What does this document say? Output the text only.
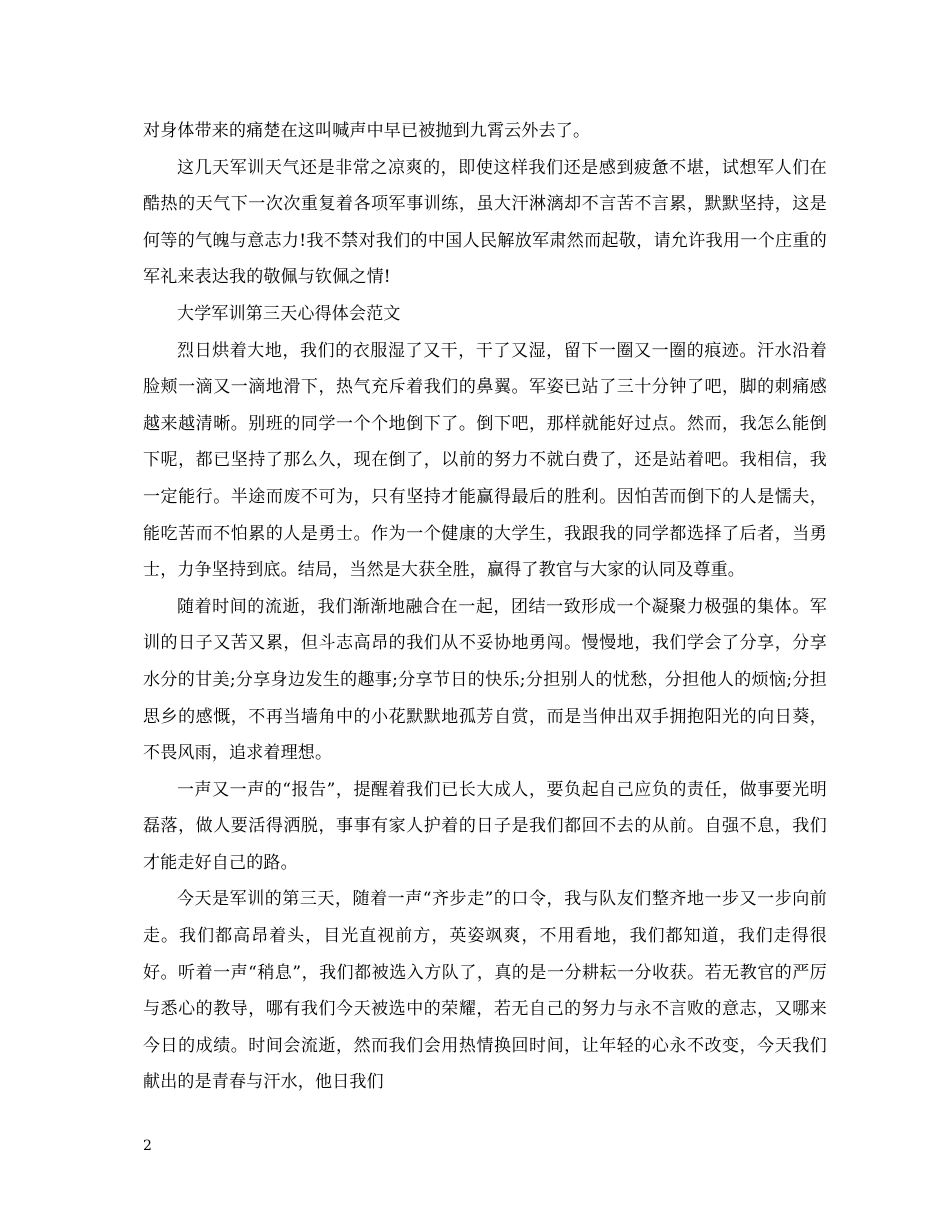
对身体带来的痛楚在这叫喊声中早已被抛到九霄云外去了。

这几天军训天气还是非常之凉爽的，即使这样我们还是感到疲惫不堪，试想军人们在酷热的天气下一次次重复着各项军事训练，虽大汗淋漓却不言苦不言累，默默坚持，这是何等的气魄与意志力!我不禁对我们的中国人民解放军肃然而起敬，请允许我用一个庄重的军礼来表达我的敬佩与钦佩之情!

大学军训第三天心得体会范文

烈日烘着大地，我们的衣服湿了又干，干了又湿，留下一圈又一圈的痕迹。汗水沿着脸颊一滴又一滴地滑下，热气充斥着我们的鼻翼。军姿已站了三十分钟了吧，脚的刺痛感越来越清晰。别班的同学一个个地倒下了。倒下吧，那样就能好过点。然而，我怎么能倒下呢，都已坚持了那么久，现在倒了，以前的努力不就白费了，还是站着吧。我相信，我一定能行。半途而废不可为，只有坚持才能赢得最后的胜利。因怕苦而倒下的人是懦夫，能吃苦而不怕累的人是勇士。作为一个健康的大学生，我跟我的同学都选择了后者，当勇士，力争坚持到底。结局，当然是大获全胜，赢得了教官与大家的认同及尊重。

随着时间的流逝，我们渐渐地融合在一起，团结一致形成一个凝聚力极强的集体。军训的日子又苦又累，但斗志高昂的我们从不妥协地勇闯。慢慢地，我们学会了分享，分享水分的甘美;分享身边发生的趣事;分享节日的快乐;分担别人的忧愁，分担他人的烦恼;分担思乡的感慨，不再当墙角中的小花默默地孤芳自赏，而是当伸出双手拥抱阳光的向日葵，不畏风雨，追求着理想。

一声又一声的“报告”，提醒着我们已长大成人，要负起自己应负的责任，做事要光明磊落，做人要活得洒脱，事事有家人护着的日子是我们都回不去的从前。自强不息，我们才能走好自己的路。

今天是军训的第三天，随着一声“齐步走”的口令，我与队友们整齐地一步又一步向前走。我们都高昂着头，目光直视前方，英姿飒爽，不用看地，我们都知道，我们走得很好。听着一声“稍息”，我们都被选入方队了，真的是一分耕耘一分收获。若无教官的严厉与悉心的教导，哪有我们今天被选中的荣耀，若无自己的努力与永不言败的意志，又哪来今日的成绩。时间会流逝，然而我们会用热情换回时间，让年轻的心永不改变，今天我们献出的是青春与汗水，他日我们

2
